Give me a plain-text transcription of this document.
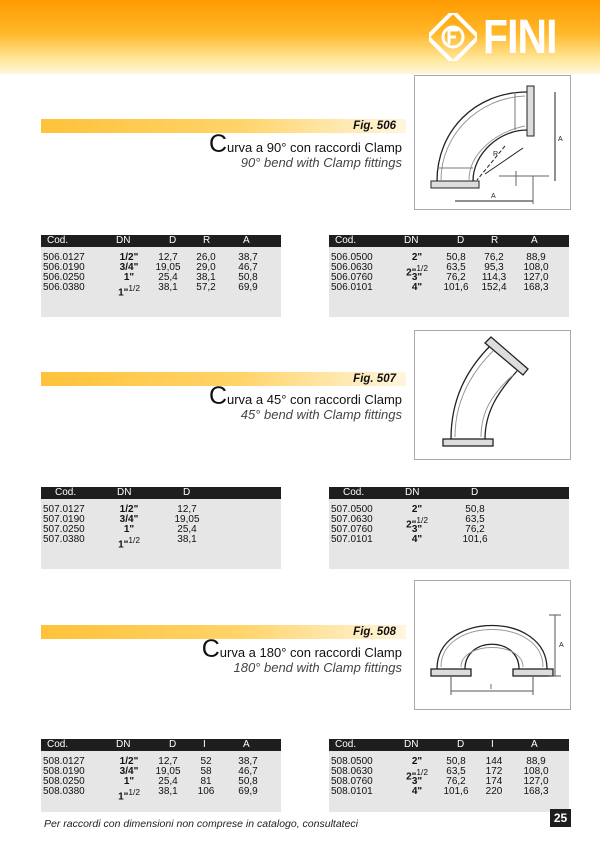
FINI
Fig. 506
Curva a 90° con raccordi Clamp
90° bend with Clamp fittings
R
A
A
Cod.	DN	D	R	A
506.0127	1/2" 12,7 26,0 38,7
506.0190	3/4" 19,05 29,0 46,7
506.0250	1" 25,4 38,1 50,8
506.0380	1"$^{1/2}$ 38,1 57,2 69,9
Cod.	DN	D	R	A
506.0500	2" 50,8 76,2 88,9
506.0630	2"$^{1/2}$ 63,5 95,3 108,0
506.0760	3" 76,2 114,3 127,0
506.0101	4" 101,6 152,4 168,3
Fig. 507
Curva a 45° con raccordi Clamp
45° bend with Clamp fittings
Cod.	DN	D
507.0127	1/2"	12,7
507.0190	3/4"	19,05
507.0250	1"	25,4
507.0380	1"$^{1/2}$	38,1
Cod.	DN	D
507.0500	2"	50,8
507.0630	2"$^{1/2}$	63,5
507.0760	3"	76,2
507.0101	4"	101,6
Fig. 508
Curva a 180° con raccordi Clamp
180° bend with Clamp fittings
A
I
Cod.	DN	D	I	A
508.0127	1/2" 12,7 52	38,7
508.0190	3/4" 19,05 58	46,7
508.0250	1" 25,4 81	50,8
508.0380	1"$^{1/2}$ 38,1 106 69,9
Cod.	DN	D	I	A
508.0500	2" 50,8 144 88,9
508.0630	2"$^{1/2}$ 63,5 172 108,0
508.0760	3" 76,2 174 127,0
508.0101	4" 101,6 220 168,3
Per raccordi con dimensioni non comprese in catalogo, consultateci	25
